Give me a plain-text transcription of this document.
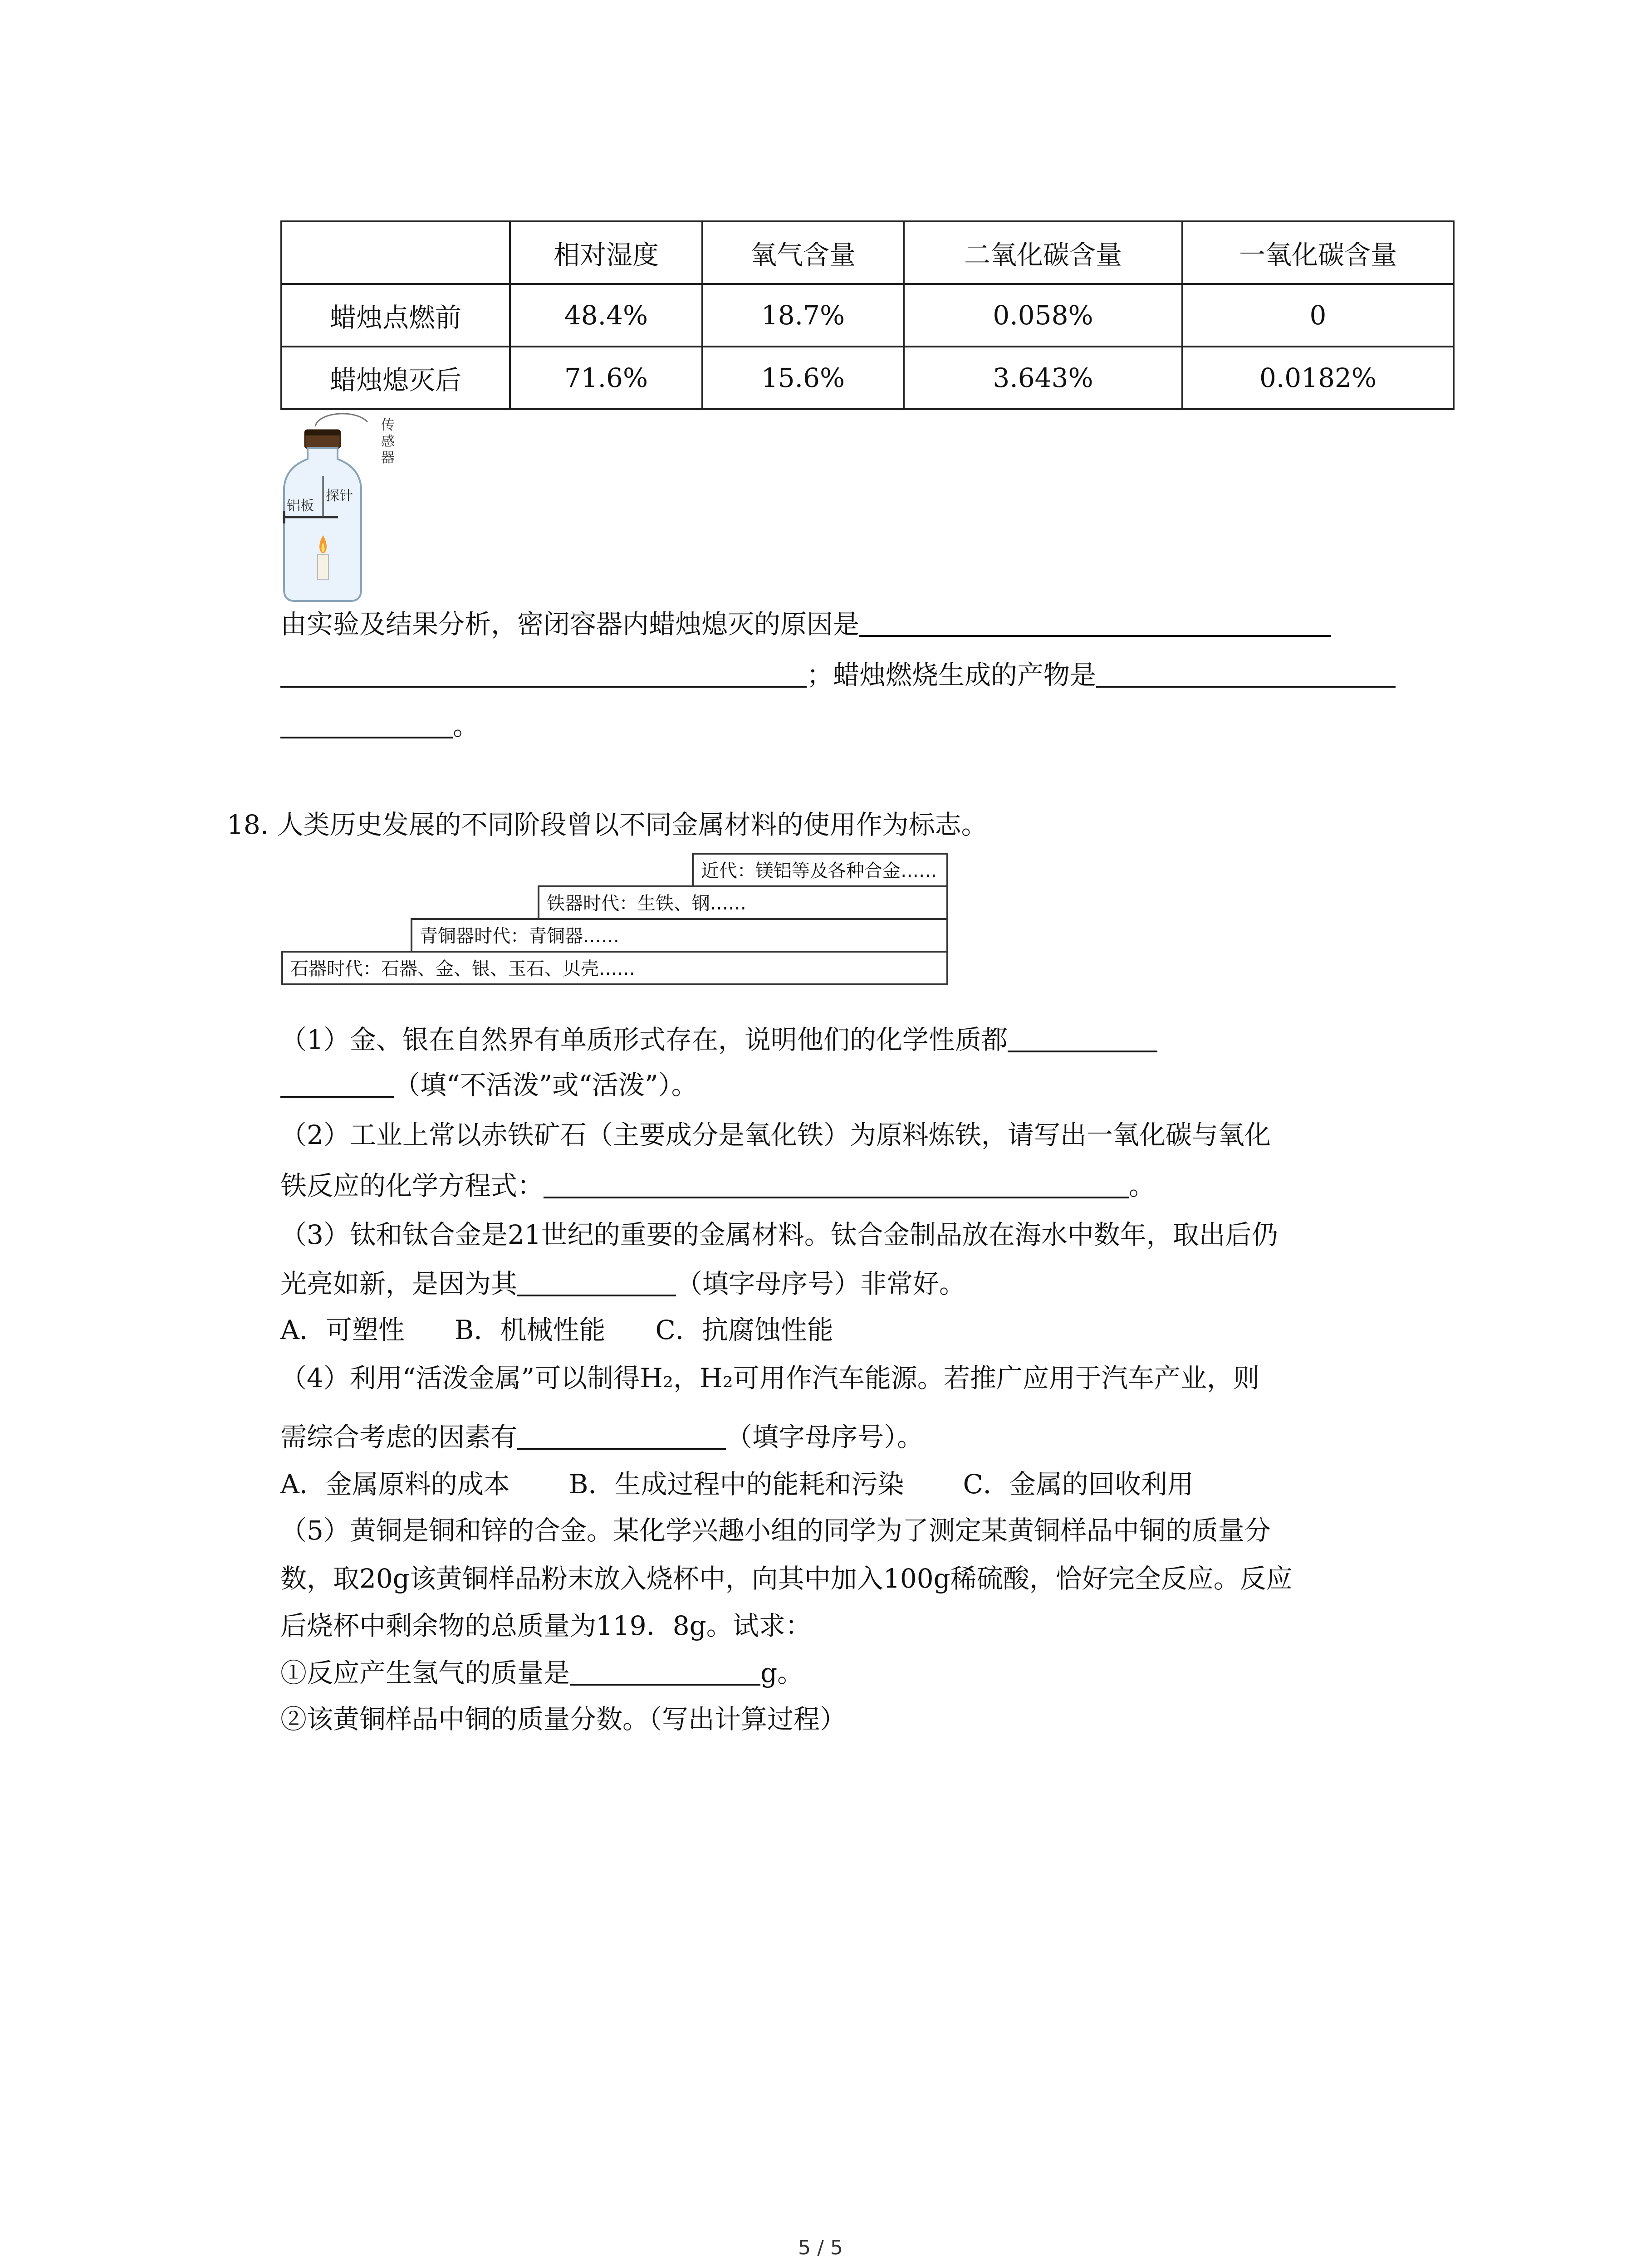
	相对湿度	氧气含量	二氧化碳含量	一氧化碳含量
蜡烛点燃前	48.4%	18.7%	0.058%	0
蜡烛熄灭后	71.6%	15.6%	3.643%	0.0182%
传
感
器
探针
铝板
由实验及结果分析，密闭容器内蜡烛熄灭的原因是
；蜡烛燃烧生成的产物是
。
18. 人类历史发展的不同阶段曾以不同金属材料的使用作为标志。
近代：镁铝等及各种合金……
铁器时代：生铁、钢……
青铜器时代：青铜器……
石器时代：石器、金、银、玉石、贝壳……
（1）金、银在自然界有单质形式存在，说明他们的化学性质都
（填“不活泼”或“活泼”）。
（2）工业上常以赤铁矿石（主要成分是氧化铁）为原料炼铁，请写出一氧化碳与氧化
铁反应的化学方程式：	。
（3）钛和钛合金是21世纪的重要的金属材料。钛合金制品放在海水中数年，取出后仍
光亮如新，是因为其	（填字母序号）非常好。
A．可塑性 B．机械性能 C．抗腐蚀性能
（4）利用“活泼金属”可以制得H₂，H₂可用作汽车能源。若推广应用于汽车产业，则
需综合考虑的因素有	（填字母序号）。
A．金属原料的成本 B．生成过程中的能耗和污染 C．金属的回收利用
（5）黄铜是铜和锌的合金。某化学兴趣小组的同学为了测定某黄铜样品中铜的质量分
数，取20g该黄铜样品粉末放入烧杯中，向其中加入100g稀硫酸，恰好完全反应。反应
后烧杯中剩余物的总质量为119．8g。试求：
①反应产生氢气的质量是	g。
②该黄铜样品中铜的质量分数。（写出计算过程）
5 / 5
